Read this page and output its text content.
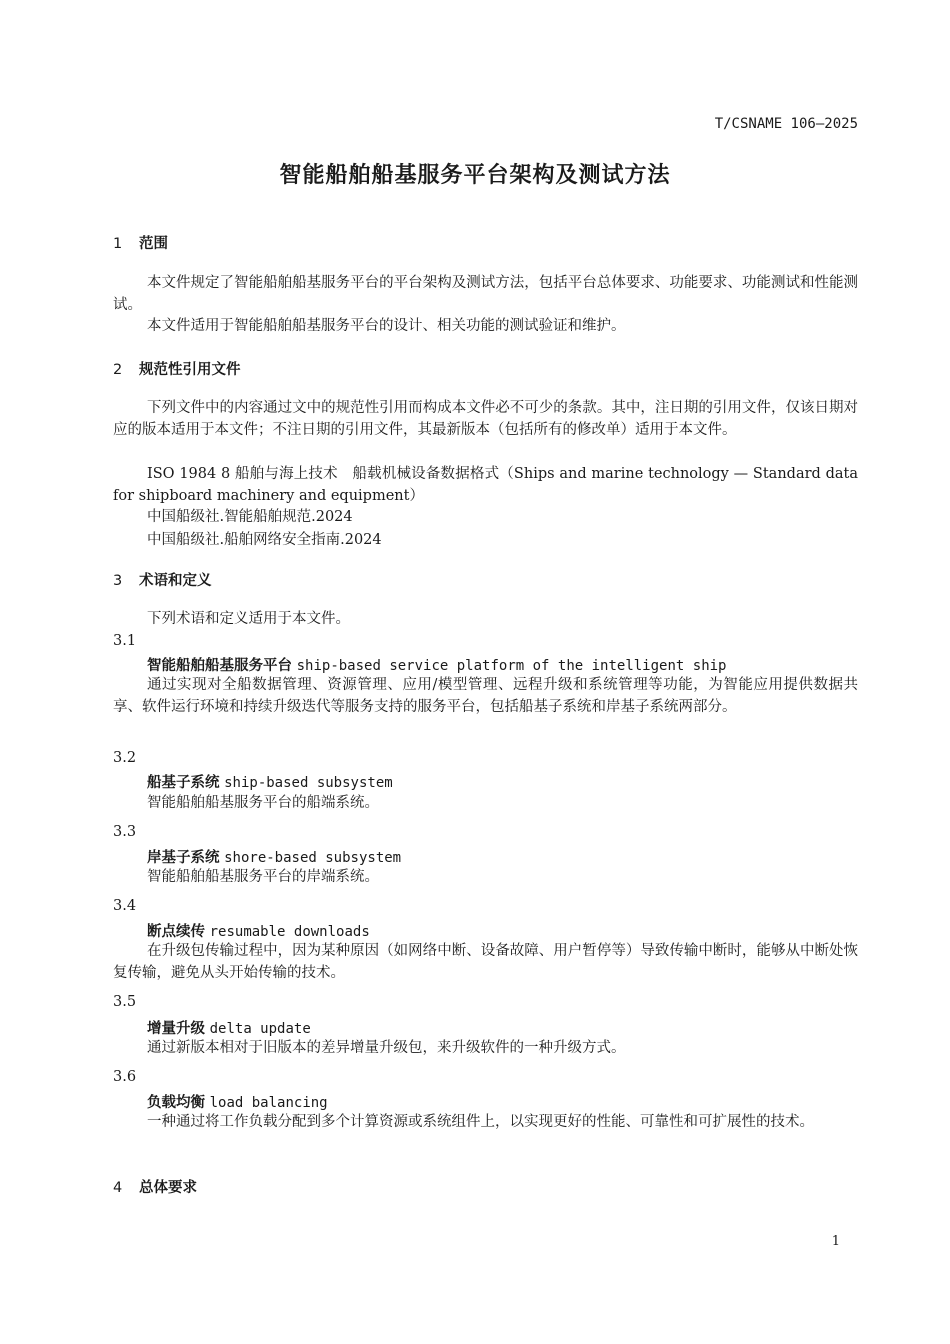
T/CSNAME 106—2025
智能船舶船基服务平台架构及测试方法
1 范围
本文件规定了智能船舶船基服务平台的平台架构及测试方法，包括平台总体要求、功能要求、功能测试和性能测试。
本文件适用于智能船舶船基服务平台的设计、相关功能的测试验证和维护。
2 规范性引用文件
下列文件中的内容通过文中的规范性引用而构成本文件必不可少的条款。其中，注日期的引用文件，仅该日期对应的版本适用于本文件；不注日期的引用文件，其最新版本（包括所有的修改单）适用于本文件。
ISO 1984 8 船舶与海上技术　船载机械设备数据格式（Ships and marine technology — Standard data for shipboard machinery and equipment）
中国船级社.智能船舶规范.2024
中国船级社.船舶网络安全指南.2024
3 术语和定义
下列术语和定义适用于本文件。
3.1
智能船舶船基服务平台 ship-based service platform of the intelligent ship
通过实现对全船数据管理、资源管理、应用/模型管理、远程升级和系统管理等功能，为智能应用提供数据共享、软件运行环境和持续升级迭代等服务支持的服务平台，包括船基子系统和岸基子系统两部分。
3.2
船基子系统 ship-based subsystem
智能船舶船基服务平台的船端系统。
3.3
岸基子系统 shore-based subsystem
智能船舶船基服务平台的岸端系统。
3.4
断点续传 resumable downloads
在升级包传输过程中，因为某种原因（如网络中断、设备故障、用户暂停等）导致传输中断时，能够从中断处恢复传输，避免从头开始传输的技术。
3.5
增量升级 delta update
通过新版本相对于旧版本的差异增量升级包，来升级软件的一种升级方式。
3.6
负载均衡 load balancing
一种通过将工作负载分配到多个计算资源或系统组件上，以实现更好的性能、可靠性和可扩展性的技术。
4 总体要求
1
